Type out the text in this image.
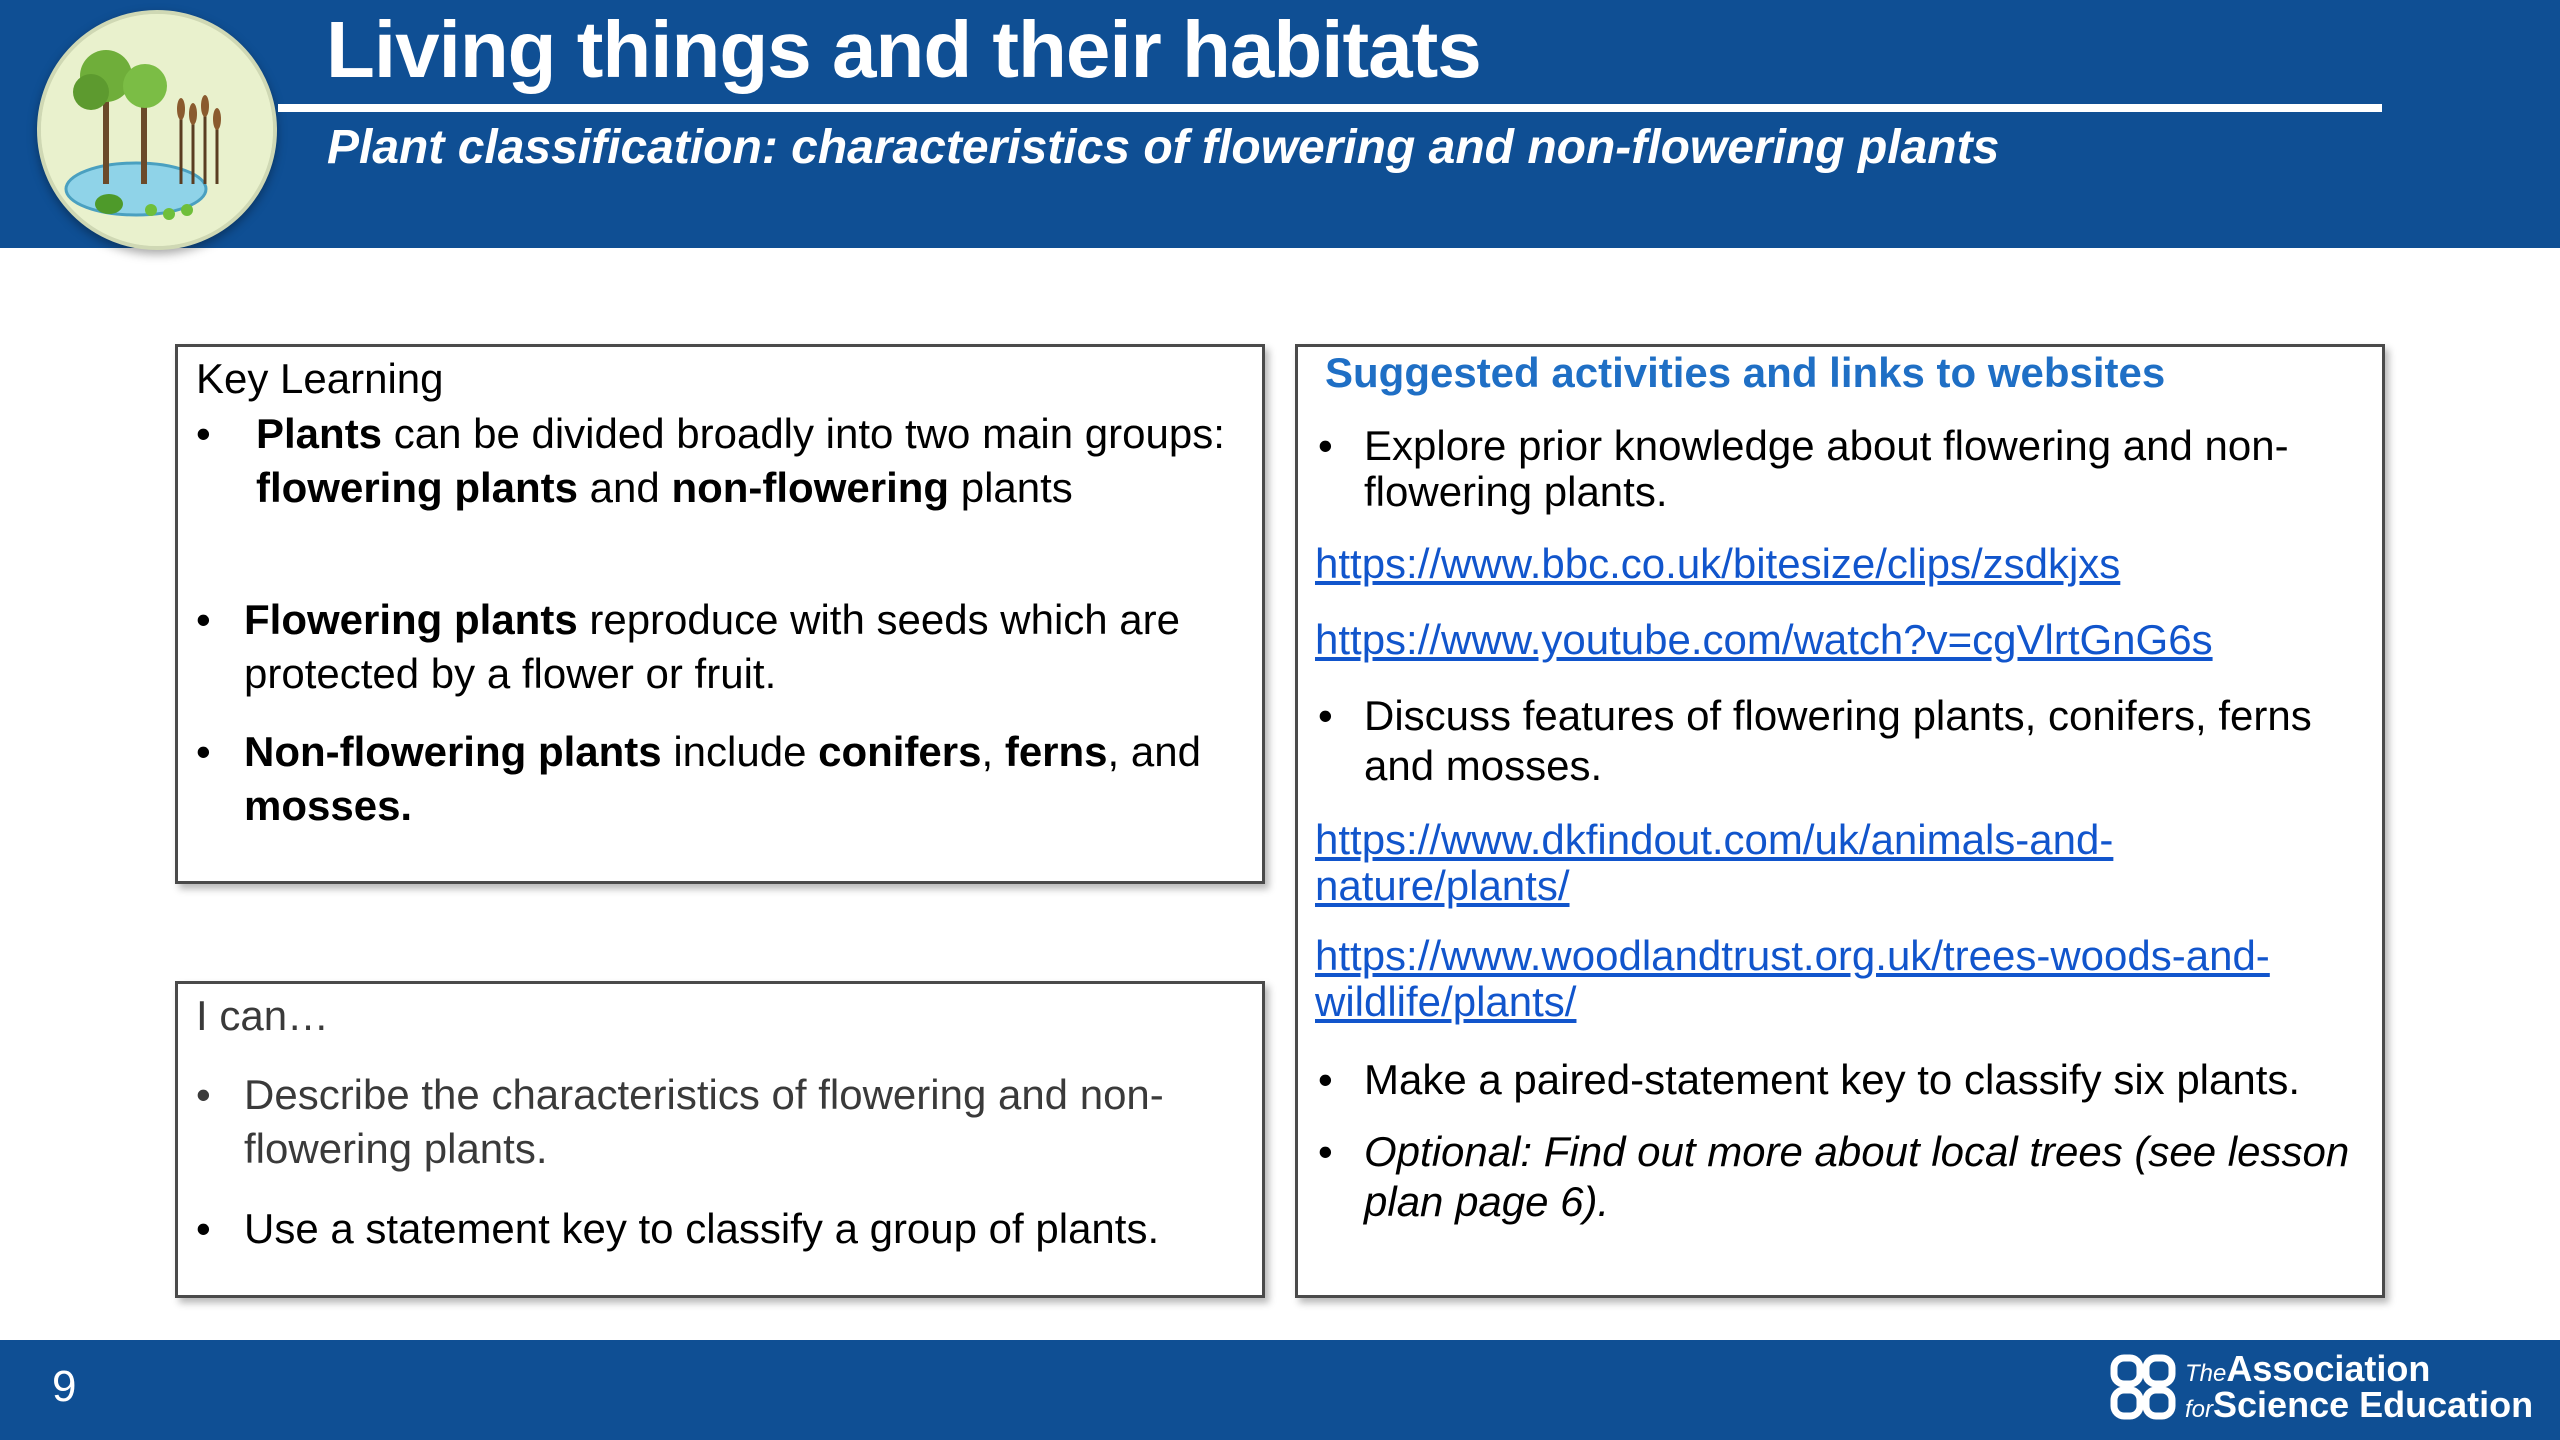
Living things and their habitats
Plant classification: characteristics of flowering and non-flowering plants
Key Learning
• Plants can be divided broadly into two main groups: flowering plants and non-flowering plants
• Flowering plants reproduce with seeds which are protected by a flower or fruit.
• Non-flowering plants include conifers, ferns, and mosses.
I can…
• Describe the characteristics of flowering and non-flowering plants.
• Use a statement key to classify a group of plants.
Suggested activities and links to websites
• Explore prior knowledge about flowering and non-flowering plants.
https://www.bbc.co.uk/bitesize/clips/zsdkjxs
https://www.youtube.com/watch?v=cgVlrtGnG6s
• Discuss features of flowering plants, conifers, ferns and mosses.
https://www.dkfindout.com/uk/animals-and-
nature/plants/
https://www.woodlandtrust.org.uk/trees-woods-and-
wildlife/plants/
• Make a paired-statement key to classify six plants.
• Optional: Find out more about local trees (see lesson plan page 6).
9	TheAssociation
forScience Education
